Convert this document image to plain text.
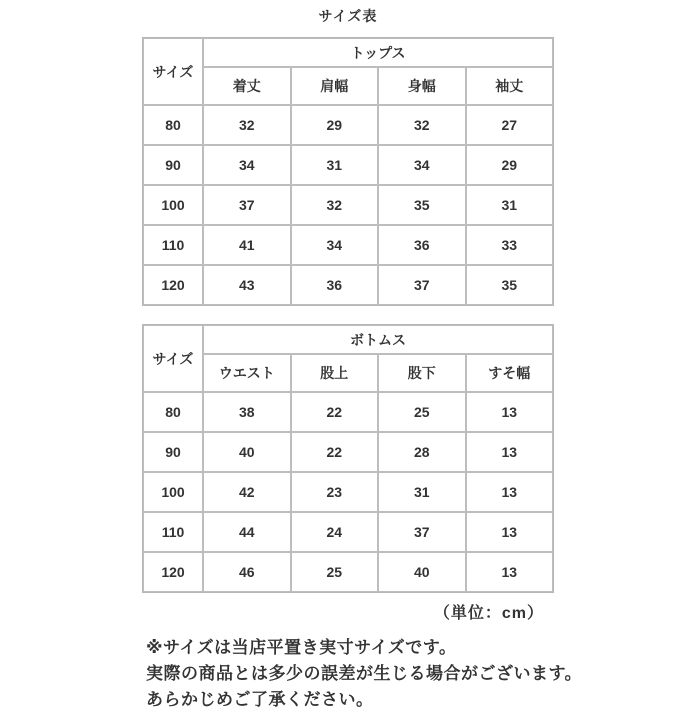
サイズ表
サイズ	トップス			
	着丈	肩幅	身幅	袖丈
80	32	29	32	27
90	34	31	34	29
100	37	32	35	31
110	41	34	36	33
120	43	36	37	35
サイズ	ボトムス			
	ウエスト	股上	股下	すそ幅
80	38	22	25	13
90	40	22	28	13
100	42	23	31	13
110	44	24	37	13
120	46	25	40	13
（単位：cm）

※サイズは当店平置き実寸サイズです。

実際の商品とは多少の誤差が生じる場合がございます。

あらかじめご了承ください。
